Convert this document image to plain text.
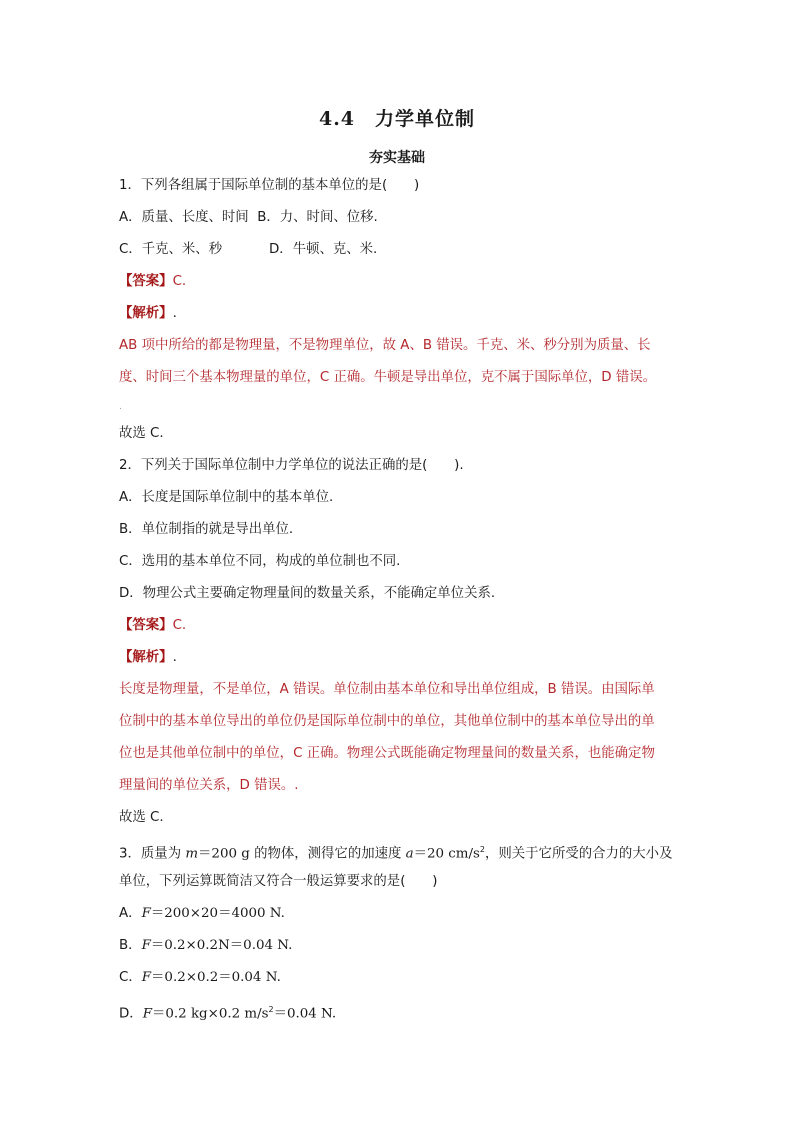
4.4　力学单位制
夯实基础
1．下列各组属于国际单位制的基本单位的是(　　)
A．质量、长度、时间 B．力、时间、位移.
C．千克、米、秒	D．牛顿、克、米.
【答案】C.
【解析】.
AB 项中所给的都是物理量，不是物理单位，故 A、B 错误。千克、米、秒分别为质量、长
度、时间三个基本物理量的单位，C 正确。牛顿是导出单位，克不属于国际单位，D 错误。
.
故选 C.
2．下列关于国际单位制中力学单位的说法正确的是(　　).
A．长度是国际单位制中的基本单位.
B．单位制指的就是导出单位.
C．选用的基本单位不同，构成的单位制也不同.
D．物理公式主要确定物理量间的数量关系，不能确定单位关系.
【答案】C.
【解析】.
长度是物理量，不是单位，A 错误。单位制由基本单位和导出单位组成，B 错误。由国际单
位制中的基本单位导出的单位仍是国际单位制中的单位，其他单位制中的基本单位导出的单
位也是其他单位制中的单位，C 正确。物理公式既能确定物理量间的数量关系，也能确定物
理量间的单位关系，D 错误。.
故选 C.
3．质量为 m＝200 g 的物体，测得它的加速度 a＝20 $cm/s^2$，则关于它所受的合力的大小及
单位，下列运算既简洁又符合一般运算要求的是(　　)
A．F＝200×20＝4000 N.
B．F＝0.2×0.2N＝0.04 N.
C．F＝0.2×0.2＝0.04 N.
D．F＝0.2 kg×0.2 $m/s^2=0.04$ N.
